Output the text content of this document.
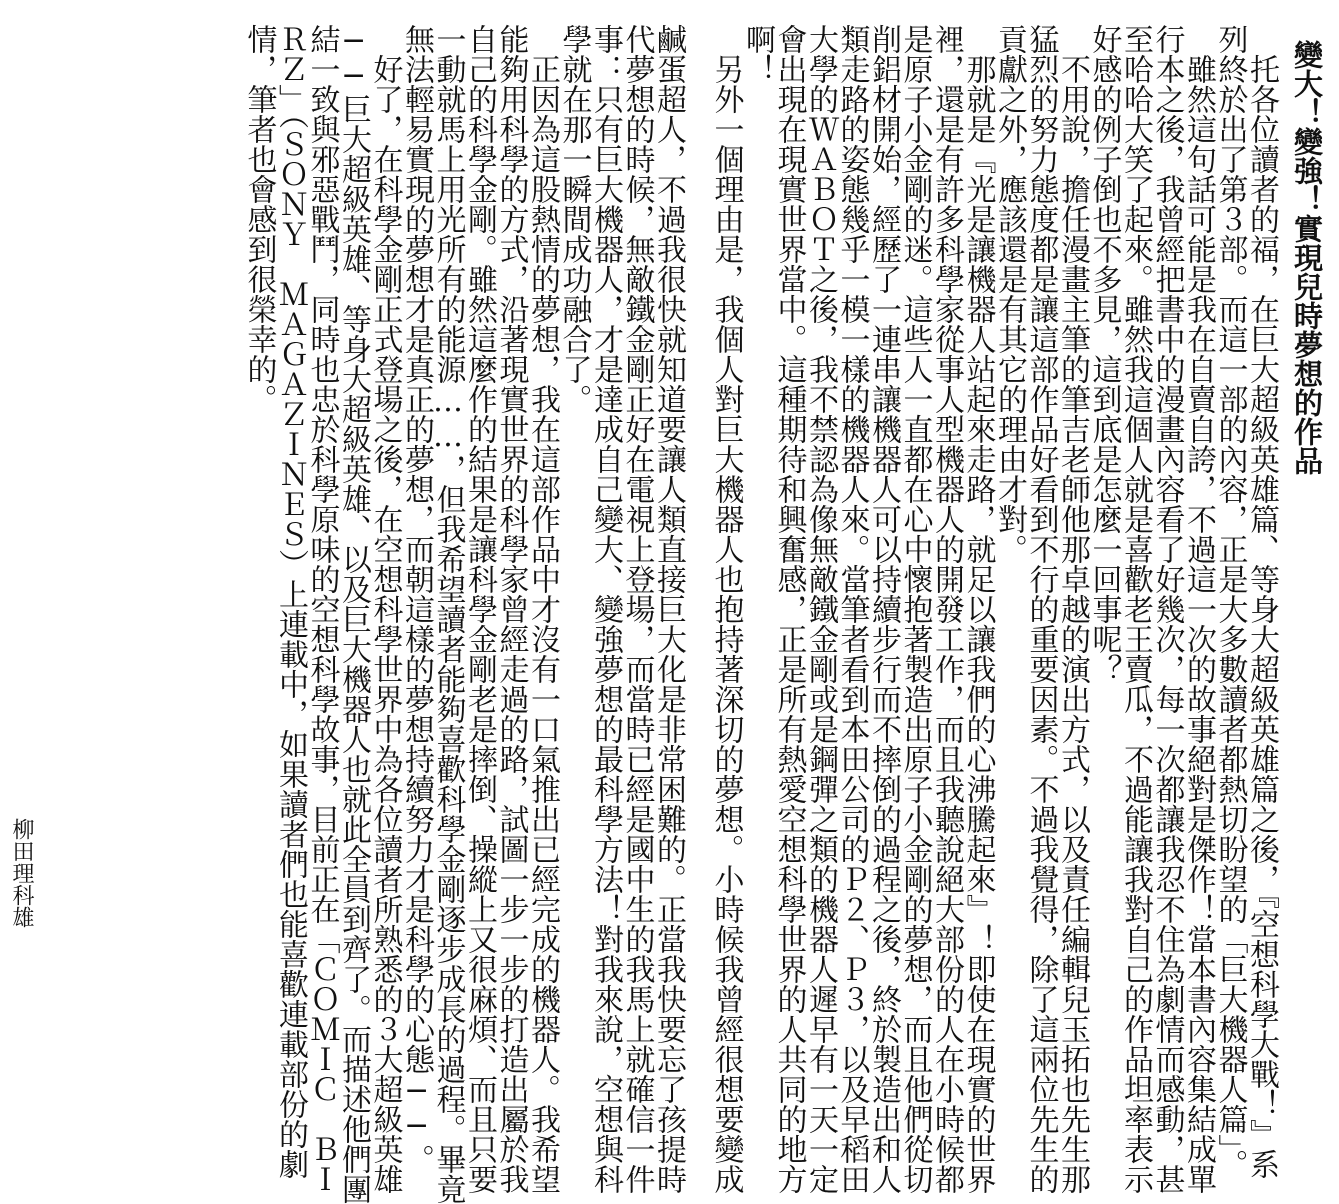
變大！變強！實現兒時夢想的作品
　托各位讀者的福，在巨大超級英雄篇、等身大超級英雄篇之後，『空想科學大戰！』系
列終於出了第３部。而這一部的內容，正是大多數讀者都熱切盼望的「巨大機器人篇」。
　雖然這句話可能是我在自賣自誇，不過這一次的故事絕對是傑作！當本書內容集結成單
行本之後，我曾經把書中的漫畫內容看了好幾次，每一次都讓我忍不住為劇情而感動，甚
至哈哈大笑了起來。雖然我這個人就是喜歡老王賣瓜，不過能讓我對自己的作品坦率表示
好感的例子倒也不多見，這到底是怎麼一回事呢？
　不用說，擔任漫畫主筆的筆吉老師他那卓越的演出方式，以及責任編輯兒玉拓也先生那
猛烈的努力態度都是讓這部作品好看到不行的重要因素。不過我覺得，除了這兩位先生的
貢獻之外，應該還是有其它的理由才對。
　那就是『光是讓機器人站起來走路，就足以讓我們的心沸騰起來』！即使在現實的世界
裡，還是有許多科學家從事人型機器人的開發工作，而且我聽說絕大部份的人在小時候都
是原子小金剛的迷。這些人一直都在心中懷抱著製造出原子小金剛的夢想，而且他們從切
削鋁材開始，經歷了一連串讓機器人可以持續步行而不摔倒的過程之後，終於製造出和人
類走路的姿態幾乎一模一樣的機器人來。當筆者看到本田公司的Ｐ２、Ｐ３，以及早稻田
大學的ＷＡＢＯＴ之後，我不禁認為像無敵鐵金剛或是鋼彈之類的機器人遲早有一天一定
會出現在現實世界當中。這種期待和興奮感，正是所有熱愛空想科學世界的人共同的地方
啊！
　另外一個理由是，我個人對巨大機器人也抱持著深切的夢想。小時候我曾經很想要變成
鹹蛋超人，不過我很快就知道要讓人類直接巨大化是非常困難的。正當我快要忘了孩提時
代夢想的時候，無敵鐵金剛正好在電視上登場，而當時已經是國中生的我馬上就確信一件
事：只有巨大機器人，才是達成自己變大、變強夢想的最科學方法！對我來說，空想與科
學就在那一瞬間成功融合了。
　正因為這股熱情的夢想，我在這部作品中才沒有一口氣推出已經完成的機器人。我希望
能夠用科學的方式，沿著現實世界的科學家曾經走過的路，試圖一步一步的打造出屬於我
自己的科學金剛。雖然這麼作的結果是讓科學金剛老是摔倒、操縱上又很麻煩、而且只要
一動就馬上用光所有的能源……，但我希望讀者能夠喜歡科學金剛逐步成長的過程。畢竟
無法輕易實現的夢想才是真正的夢想，而朝這樣的夢想持續努力才是科學的心態──。
　好了，在科學金剛正式登場之後，在空想科學世界中為各位讀者所熟悉的３大超級英雄
──巨大超級英雄、等身大超級英雄、以及巨大機器人也就此全員到齊了。而描述他們團
結一致與邪惡戰鬥，同時也忠於科學原味的空想科學故事，目前正在「ＣＯＭＩＣ　ＢＩ
ＲＺ」（ＳＯＮＹ　ＭＡＧＡＺＩＮＥＳ）上連載中，如果讀者們也能喜歡連載部份的劇
情，筆者也會感到很榮幸的。
柳田理科雄
